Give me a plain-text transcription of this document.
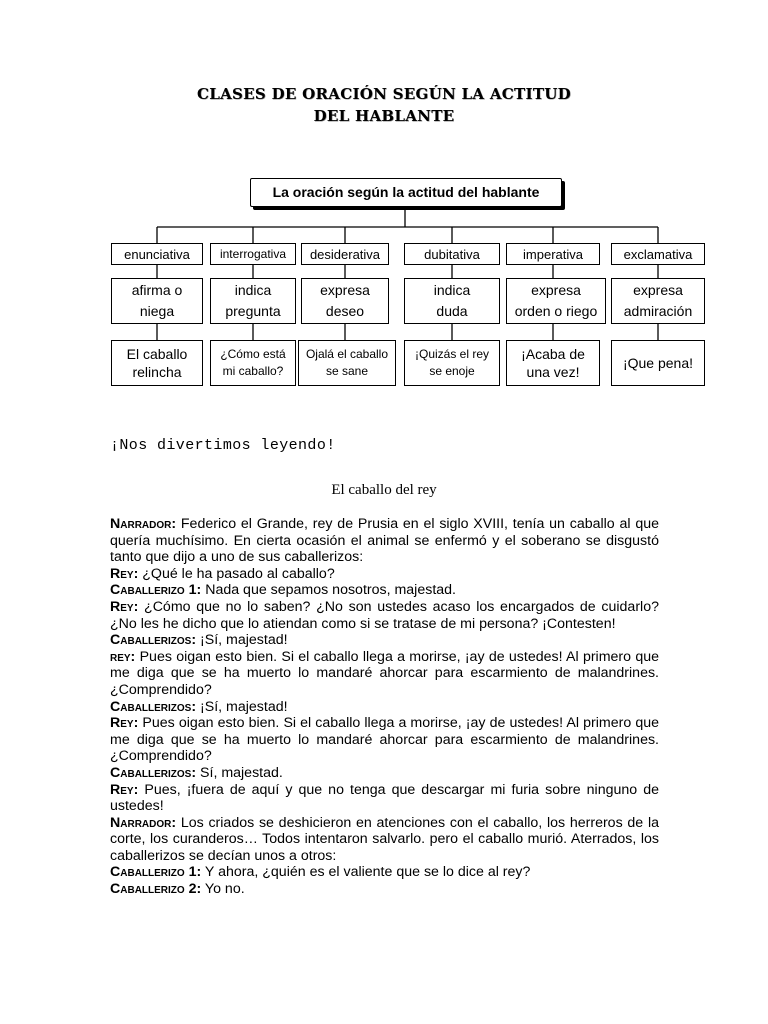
CLASES DE ORACIÓN SEGÚN LA ACTITUD
DEL HABLANTE
La oración según la actitud del hablante
enunciativa
afirma o
niega
El caballo
relincha
interrogativa
indica
pregunta
¿Cómo está
mi caballo?
desiderativa
expresa
deseo
Ojalá el caballo
se sane
dubitativa
indica
duda
¡Quizás el rey
se enoje
imperativa
expresa
orden o riego
¡Acaba de
una vez!
exclamativa
expresa
admiración
¡Que pena!
¡Nos divertimos leyendo!
El caballo del rey

Narrador: Federico el Grande, rey de Prusia en el siglo XVIII, tenía un caballo al que quería muchísimo. En cierta ocasión el animal se enfermó y el soberano se disgustó tanto que dijo a uno de sus caballerizos:

Rey: ¿Qué le ha pasado al caballo?

Caballerizo 1: Nada que sepamos nosotros, majestad.

Rey: ¿Cómo que no lo saben? ¿No son ustedes acaso los encargados de cuidarlo? ¿No les he dicho que lo atiendan como si se tratase de mi persona? ¡Contesten!

Caballerizos: ¡Sí, majestad!

rey: Pues oigan esto bien. Si el caballo llega a morirse, ¡ay de ustedes! Al primero que me diga que se ha muerto lo mandaré ahorcar para escarmiento de malandrines. ¿Comprendido?

Caballerizos: ¡Sí, majestad!

Rey: Pues oigan esto bien. Si el caballo llega a morirse, ¡ay de ustedes! Al primero que me diga que se ha muerto lo mandaré ahorcar para escarmiento de malandrines. ¿Comprendido?

Caballerizos: Sí, majestad.

Rey: Pues, ¡fuera de aquí y que no tenga que descargar mi furia sobre ninguno de ustedes!

Narrador: Los criados se deshicieron en atenciones con el caballo, los herreros de la corte, los curanderos… Todos intentaron salvarlo. pero el caballo murió. Aterrados, los caballerizos se decían unos a otros:

Caballerizo 1: Y ahora, ¿quién es el valiente que se lo dice al rey?

Caballerizo 2: Yo no.
